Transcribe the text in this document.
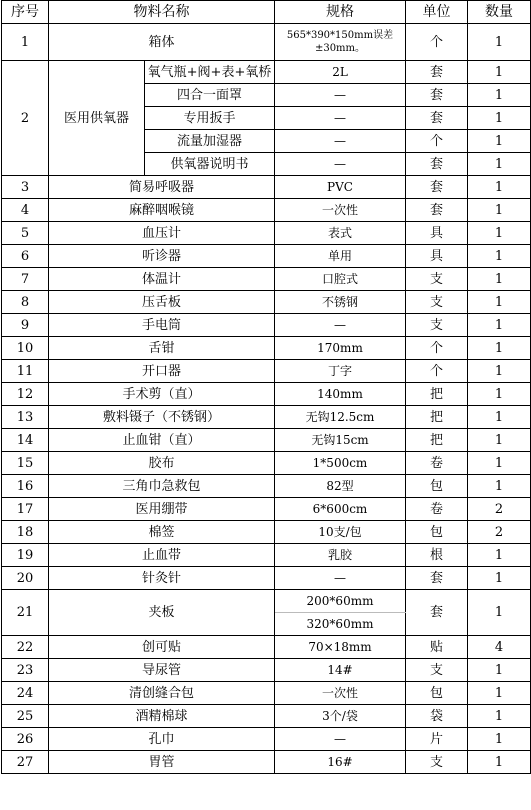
序号	物料名称		规格	单位	数量
1	箱体		565*390*150mm误差±30mm。	个	1
2	医用供氧器	氧气瓶+阀+表+氧桥	2L	套	1
		四合一面罩	—	套	1
		专用扳手	—	套	1
		流量加湿器	—	个	1
		供氧器说明书	—	套	1
3	简易呼吸器		PVC	套	1
4	麻醉咽喉镜		一次性	套	1
5	血压计		表式	具	1
6	听诊器		单用	具	1
7	体温计		口腔式	支	1
8	压舌板		不锈钢	支	1
9	手电筒		—	支	1
10	舌钳		170mm	个	1
11	开口器		丁字	个	1
12	手术剪（直）		140mm	把	1
13	敷料镊子（不锈钢）		无钩12.5cm	把	1
14	止血钳（直）		无钩15cm	把	1
15	胶布		1*500cm	卷	1
16	三角巾急救包		82型	包	1
17	医用绷带		6*600cm	卷	2
18	棉签		10支/包	包	2
19	止血带		乳胶	根	1
20	针灸针		—	套	1
21	夹板		200*60mm	套	1
			320*60mm		
22	创可贴		70×18mm	贴	4
23	导尿管		14#	支	1
24	清创缝合包		一次性	包	1
25	酒精棉球		3个/袋	袋	1
26	孔巾		—	片	1
27	胃管		16#	支	1
